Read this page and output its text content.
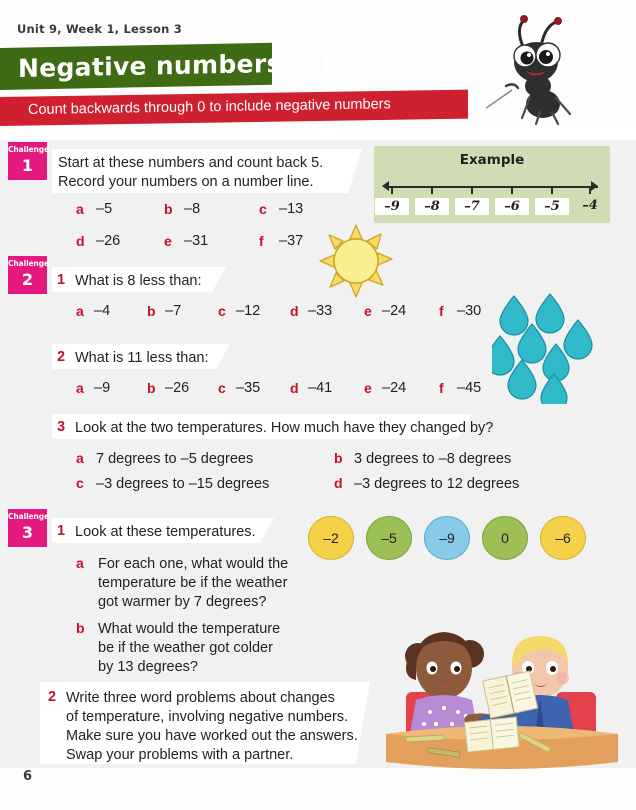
Unit 9, Week 1, Lesson 3
Negative numbers (2)
Count backwards through 0 to include negative numbers
Challenge
1	Start at these numbers and count back 5.
Record your numbers on a number line.
a –5	b –8	c –13
d –26	e –31	f –37
Example
–9	–8	–7	–6	–5	–4
Challenge
2	1 What is 8 less than:
a –4	b –7	c –12 d –33 e –24 f –30
2 What is 11 less than:
a –9	b –26 c –35 d –41 e –24 f –45
3 Look at the two temperatures. How much have they changed by?
a 7 degrees to –5 degrees	b 3 degrees to –8 degrees
c –3 degrees to –15 degrees	d –3 degrees to 12 degrees
Challenge
3	1 Look at these temperatures.	–2	–5	–9	0	–6
a For each one, what would the
temperature be if the weather
got warmer by 7 degrees?
b What would the temperature
be if the weather got colder
by 13 degrees?
2 Write three word problems about changes
of temperature, involving negative numbers.
Make sure you have worked out the answers.
Swap your problems with a partner.
6
